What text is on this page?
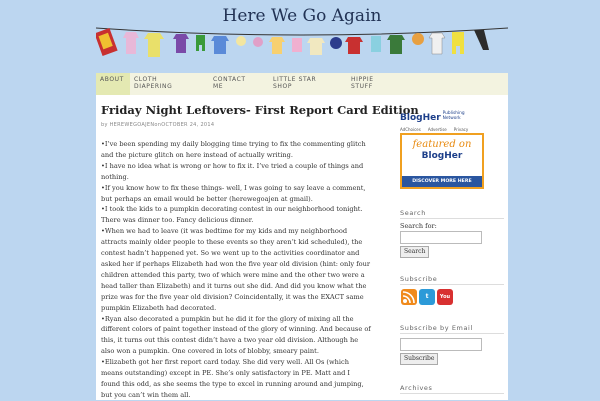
Here We Go Again
ABOUT	CLOTH DIAPERING
CONTACT ME
LITTLE STAR SHOP
HIPPIE STUFF
Friday Night Leftovers- First Report Card Edition
by HEREWEGOAJENonOCTOBER 24, 2014

•I’ve been spending my daily blogging time trying to fix the commenting glitch

and the picture glitch on here instead of actually writing.

•I have no idea what is wrong or how to fix it. I’ve tried a couple of things and

nothing.

•If you know how to fix these things- well, I was going to say leave a comment,

but perhaps an email would be better (herewegoajen at gmail).

•I took the kids to a pumpkin decorating contest in our neighborhood tonight.

There was dinner too. Fancy delicious dinner.

•When we had to leave (it was bedtime for my kids and my neighborhood

attracts mainly older people to these events so they aren’t kid scheduled), the

contest hadn’t happened yet. So we went up to the activities coordinator and

asked her if perhaps Elizabeth had won the five year old division (hint: only four

children attended this party, two of which were mine and the other two were a

head taller than Elizabeth) and it turns out she did. And did you know what the

prize was for the five year old division? Coincidentally, it was the EXACT same

pumpkin Elizabeth had decorated.

•Ryan also decorated a pumpkin but he did it for the glory of mixing all the

different colors of paint together instead of the glory of winning. And because of

this, it turns out this contest didn’t have a two year old division. Although he

also won a pumpkin. One covered in lots of blobby, smeary paint.

•Elizabeth got her first report card today. She did very well. All Os (which

means outstanding) except in PE. She’s only satisfactory in PE. Matt and I

found this odd, as she seems the type to excel in running around and jumping,

but you can’t win them all.

BlogHer Publishing
Network
AdChoices Advertise Privacy
featured on
BlogHer
DISCOVER MORE HERE
Search
Search for:
Search
Subscribe
t	You
Subscribe by Email
Subscribe
Archives
